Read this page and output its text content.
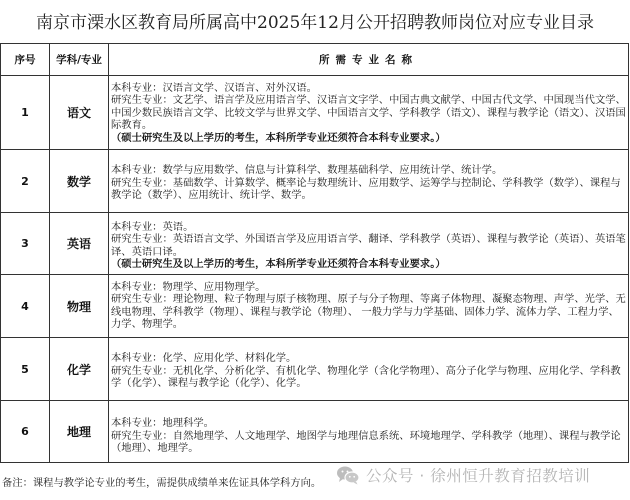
南京市溧水区教育局所属高中2025年12月公开招聘教师岗位对应专业目录
序号	学科/专业	所需专业名称
1	语文	本科专业：汉语言文学、汉语言、对外汉语。
研究生专业：文艺学、语言学及应用语言学、汉语言文字学、中国古典文献学、中国古代文学、中国现当代文学、中国少数民族语言文学、比较文学与世界文学、中国语言文学、学科教学（语文）、课程与教学论（语文）、汉语国际教育。
（硕士研究生及以上学历的考生，本科所学专业还须符合本科专业要求。）

2	数学	本科专业：数学与应用数学、信息与计算科学、数理基础科学、应用统计学、统计学。
研究生专业：基础数学、计算数学、概率论与数理统计、应用数学、运筹学与控制论、学科教学（数学）、课程与教学论（数学）、应用统计、统计学、数学。

3	英语	本科专业：英语。
研究生专业：英语语言文学、外国语言学及应用语言学、翻译、学科教学（英语）、课程与教学论（英语）、英语笔译、英语口译。
（硕士研究生及以上学历的考生，本科所学专业还须符合本科专业要求。）

4	物理	本科专业：物理学、应用物理学。
研究生专业：理论物理、粒子物理与原子核物理、原子与分子物理、等离子体物理、凝聚态物理、声学、光学、无线电物理、学科教学（物理）、课程与教学论（物理）、 一般力学与力学基础、固体力学、流体力学、工程力学、力学、物理学。

5	化学	本科专业：化学、应用化学、材料化学。
研究生专业：无机化学、分析化学、有机化学、物理化学（含化学物理）、高分子化学与物理、应用化学、学科教学（化学）、课程与教学论（化学）、化学。

6	地理	本科专业：地理科学。
研究生专业：自然地理学、人文地理学、地图学与地理信息系统、环境地理学、学科教学（地理）、课程与教学论（地理）、地理学。
备注：课程与教学论专业的考生，需提供成绩单来佐证具体学科方向。	公众号 · 徐州恒升教育招教培训
